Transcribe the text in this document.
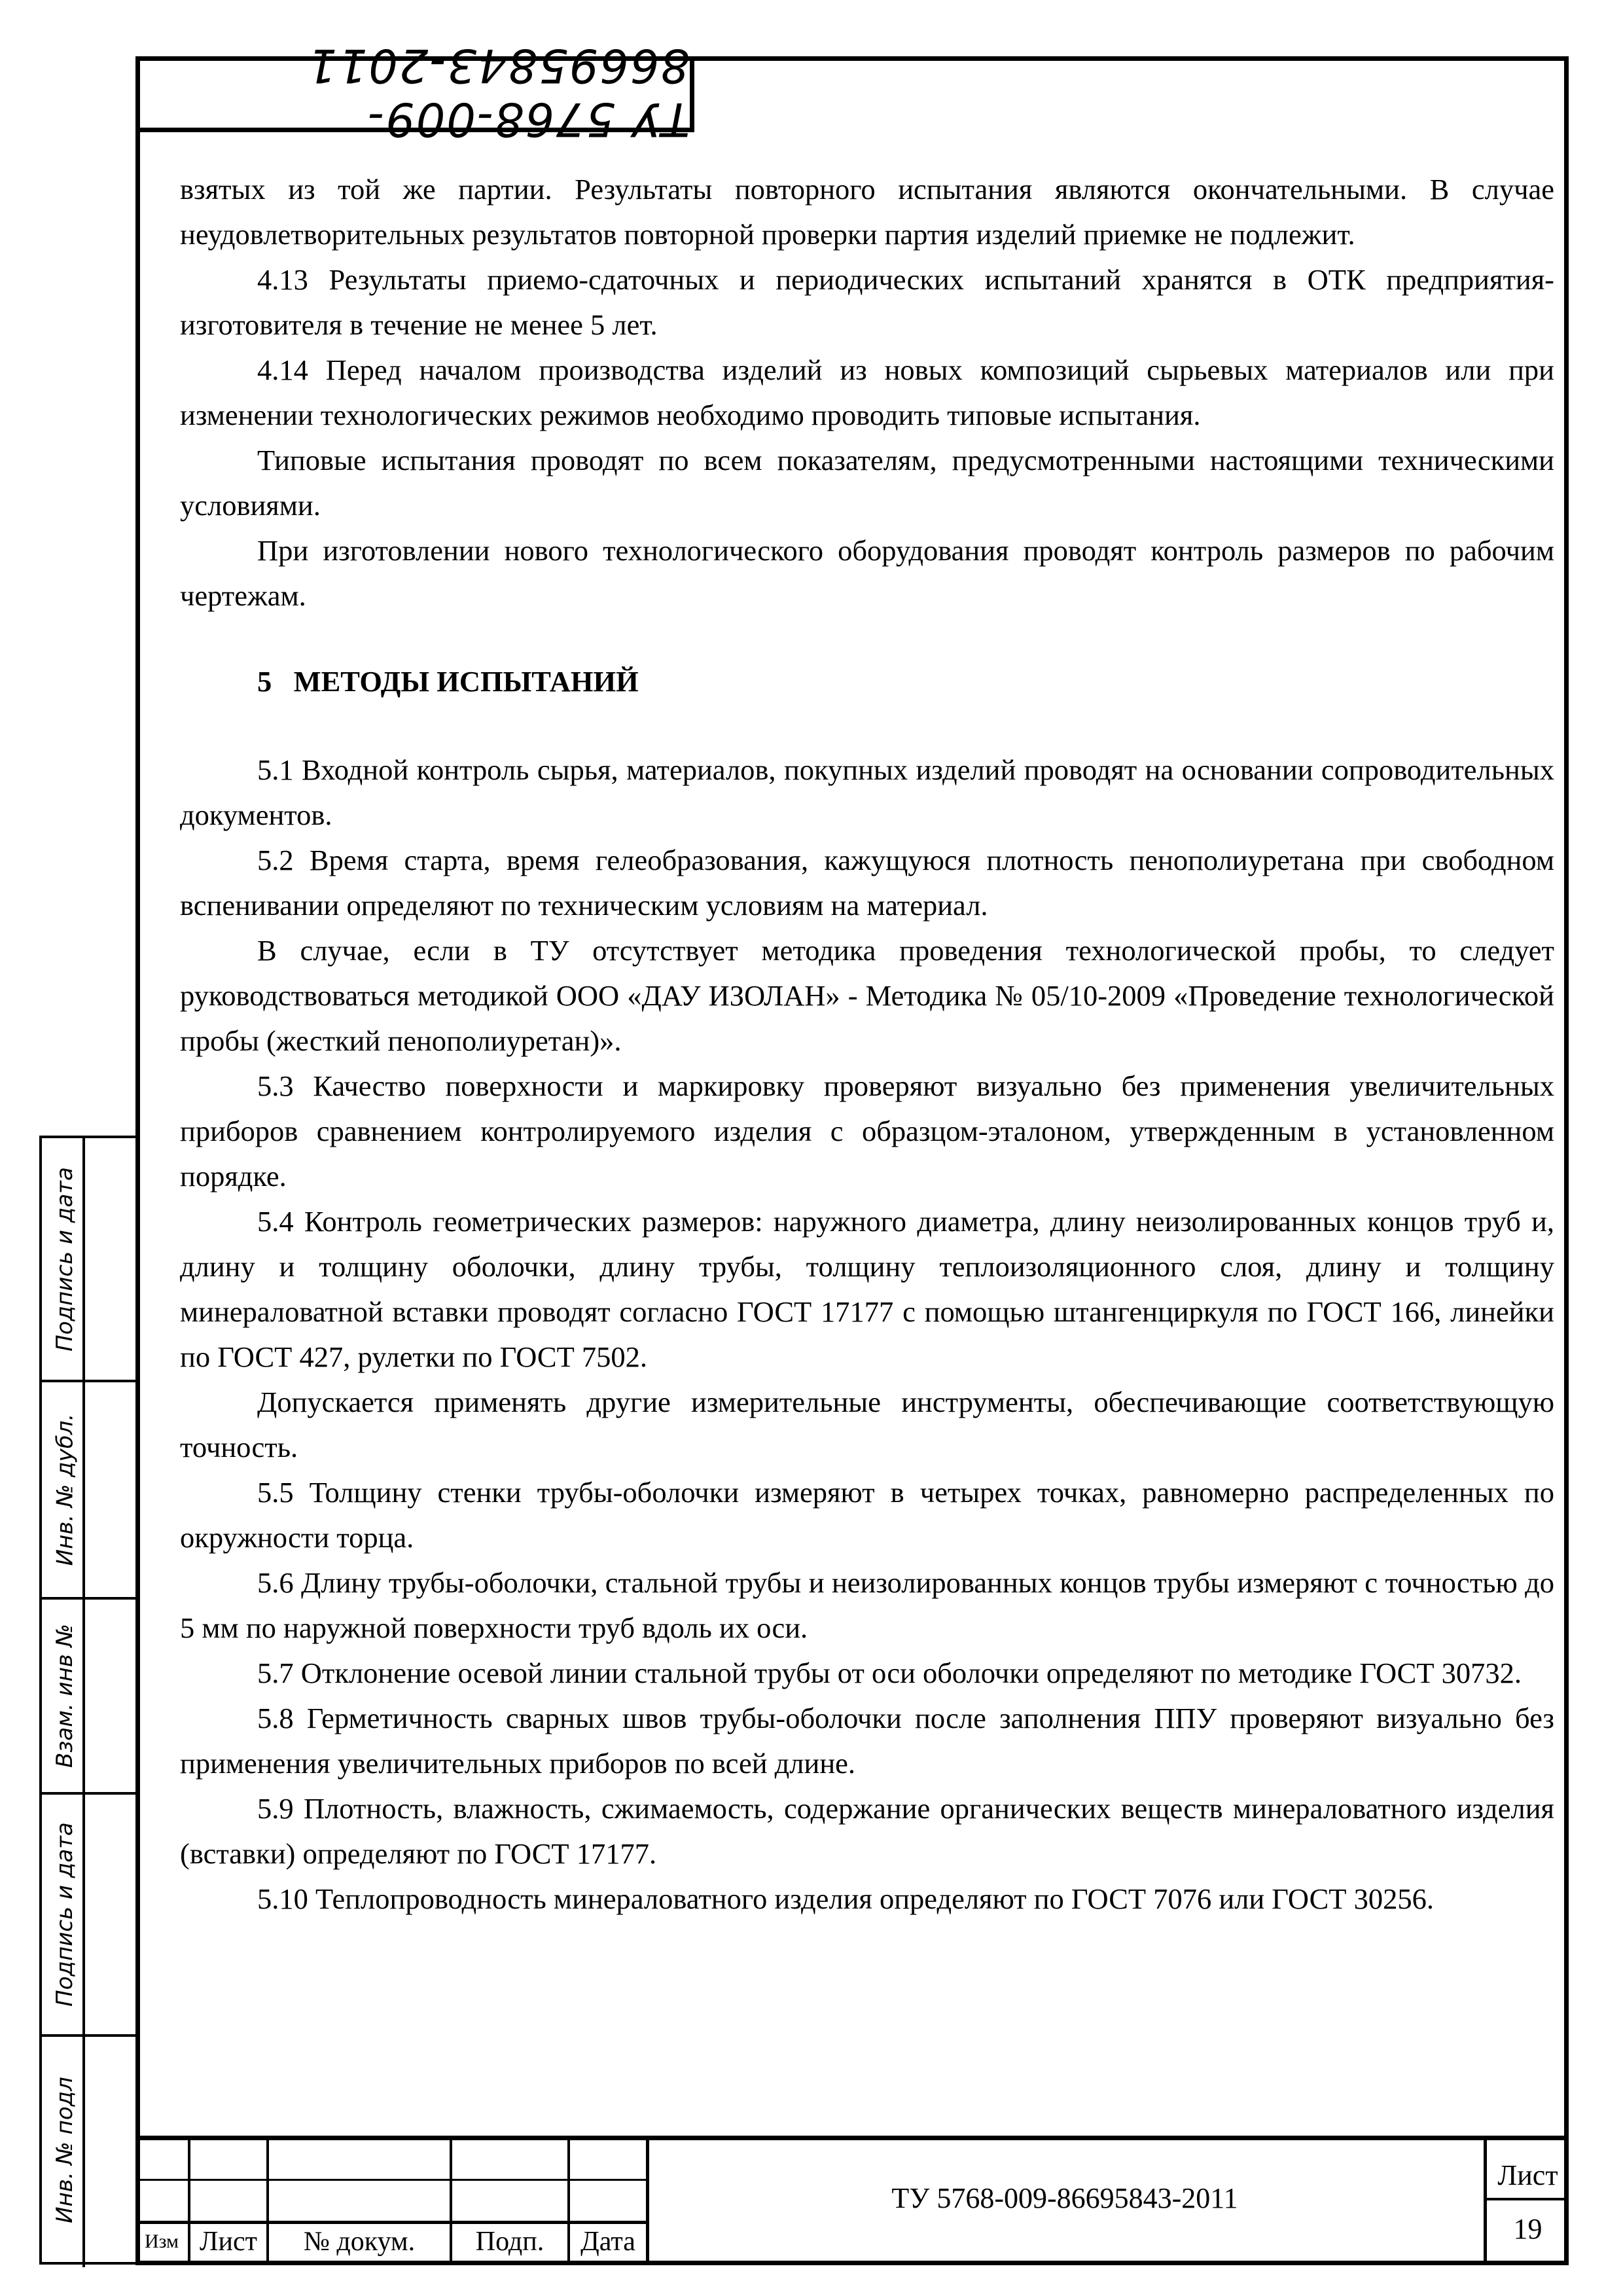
ТУ 5768-009-86695843-2011

взятых из той же партии. Результаты повторного испытания являются окончательными. В случае неудовлетворительных результатов повторной проверки партия изделий приемке не подлежит.

4.13 Результаты приемо-сдаточных и периодических испытаний хранятся в ОТК предприятия-изготовителя в течение не менее 5 лет.

4.14 Перед началом производства изделий из новых композиций сырьевых материалов или при изменении технологических режимов необходимо проводить типовые испытания.

Типовые испытания проводят по всем показателям, предусмотренными настоящими техническими условиями.

При изготовлении нового технологического оборудования проводят контроль размеров по рабочим чертежам.

5 МЕТОДЫ ИСПЫТАНИЙ

5.1 Входной контроль сырья, материалов, покупных изделий проводят на основании сопроводительных документов.

5.2 Время старта, время гелеобразования, кажущуюся плотность пенополиуретана при свободном вспенивании определяют по техническим условиям на материал.

В случае, если в ТУ отсутствует методика проведения технологической пробы, то следует руководствоваться методикой ООО «ДАУ ИЗОЛАН» - Методика № 05/10-2009 «Проведение технологической пробы (жесткий пенополиуретан)».

5.3 Качество поверхности и маркировку проверяют визуально без применения увеличительных приборов сравнением контролируемого изделия с образцом-эталоном, утвержденным в установленном порядке.

5.4 Контроль геометрических размеров: наружного диаметра, длину неизолированных концов труб и, длину и толщину оболочки, длину трубы, толщину теплоизоляционного слоя, длину и толщину минераловатной вставки проводят согласно ГОСТ 17177 с помощью штангенциркуля по ГОСТ 166, линейки по ГОСТ 427, рулетки по ГОСТ 7502.

Допускается применять другие измерительные инструменты, обеспечивающие соответствующую точность.

5.5 Толщину стенки трубы-оболочки измеряют в четырех точках, равномерно распределенных по окружности торца.

5.6 Длину трубы-оболочки, стальной трубы и неизолированных концов трубы измеряют с точностью до 5 мм по наружной поверхности труб вдоль их оси.

5.7 Отклонение осевой линии стальной трубы от оси оболочки определяют по методике ГОСТ 30732.

5.8 Герметичность сварных швов трубы-оболочки после заполнения ППУ проверяют визуально без применения увеличительных приборов по всей длине.

5.9 Плотность, влажность, сжимаемость, содержание органических веществ минераловатного изделия (вставки) определяют по ГОСТ 17177.

5.10 Теплопроводность минераловатного изделия определяют по ГОСТ 7076 или ГОСТ 30256.

Подпись и дата
Инв. № дубл.
Взам. инв №
Подпись и дата
Инв. № подл
Изм Лист	№ докум.	Подп.	Дата
ТУ 5768-009-86695843-2011
Лист
19
